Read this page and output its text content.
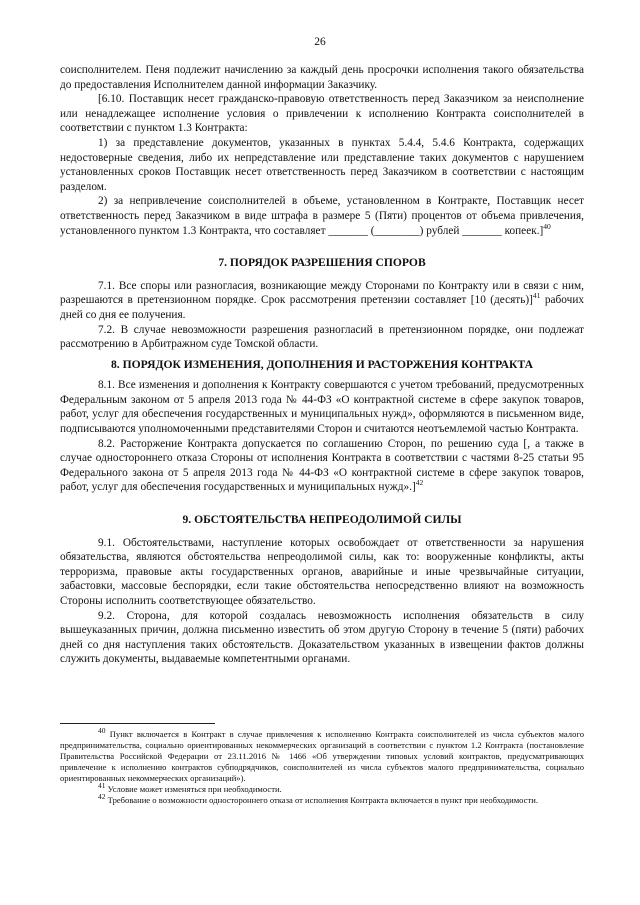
26

соисполнителем. Пеня подлежит начислению за каждый день просрочки исполнения такого обязательства до предоставления Исполнителем данной информации Заказчику.

[6.10. Поставщик несет гражданско-правовую ответственность перед Заказчиком за неисполнение или ненадлежащее исполнение условия о привлечении к исполнению Контракта соисполнителей в соответствии с пунктом 1.3 Контракта:

1) за представление документов, указанных в пунктах 5.4.4, 5.4.6 Контракта, содержащих недостоверные сведения, либо их непредставление или представление таких документов с нарушением установленных сроков Поставщик несет ответственность перед Заказчиком в соответствии с настоящим разделом.

2) за непривлечение соисполнителей в объеме, установленном в Контракте, Поставщик несет ответственность перед Заказчиком в виде штрафа в размере 5 (Пяти) процентов от объема привлечения, установленного пунктом 1.3 Контракта, что составляет _______ (________) рублей _______ копеек.]$^{40}$

7. ПОРЯДОК РАЗРЕШЕНИЯ СПОРОВ

7.1. Все споры или разногласия, возникающие между Сторонами по Контракту или в связи с ним, разрешаются в претензионном порядке. Срок рассмотрения претензии составляет [10 (десять)]$^{41}$ рабочих дней со дня ее получения.

7.2. В случае невозможности разрешения разногласий в претензионном порядке, они подлежат рассмотрению в Арбитражном суде Томской области.

8. ПОРЯДОК ИЗМЕНЕНИЯ, ДОПОЛНЕНИЯ И РАСТОРЖЕНИЯ КОНТРАКТА

8.1. Все изменения и дополнения к Контракту совершаются с учетом требований, предусмотренных Федеральным законом от 5 апреля 2013 года № 44-ФЗ «О контрактной системе в сфере закупок товаров, работ, услуг для обеспечения государственных и муниципальных нужд», оформляются в письменном виде, подписываются уполномоченными представителями Сторон и считаются неотъемлемой частью Контракта.

8.2. Расторжение Контракта допускается по соглашению Сторон, по решению суда [, а также в случае одностороннего отказа Стороны от исполнения Контракта в соответствии с частями 8-25 статьи 95 Федерального закона от 5 апреля 2013 года № 44-ФЗ «О контрактной системе в сфере закупок товаров, работ, услуг для обеспечения государственных и муниципальных нужд».]$^{42}$

9. ОБСТОЯТЕЛЬСТВА НЕПРЕОДОЛИМОЙ СИЛЫ

9.1. Обстоятельствами, наступление которых освобождает от ответственности за нарушения обязательства, являются обстоятельства непреодолимой силы, как то: вооруженные конфликты, акты терроризма, правовые акты государственных органов, аварийные и иные чрезвычайные ситуации, забастовки, массовые беспорядки, если такие обстоятельства непосредственно влияют на возможность Стороны исполнить соответствующее обязательство.

9.2. Сторона, для которой создалась невозможность исполнения обязательств в силу вышеуказанных причин, должна письменно известить об этом другую Сторону в течение 5 (пяти) рабочих дней со дня наступления таких обстоятельств. Доказательством указанных в извещении фактов должны служить документы, выдаваемые компетентными органами.

$^{40}$ Пункт включается в Контракт в случае привлечения к исполнению Контракта соисполнителей из числа субъектов малого предпринимательства, социально ориентированных некоммерческих организаций в соответствии с пунктом 1.2 Контракта (постановление Правительства Российской Федерации от 23.11.2016 № 1466 «Об утверждении типовых условий контрактов, предусматривающих привлечение к исполнению контрактов субподрядчиков, соисполнителей из числа субъектов малого предпринимательства, социально ориентированных некоммерческих организаций»).

$^{41}$ Условие может изменяться при необходимости.

$^{42}$ Требование о возможности одностороннего отказа от исполнения Контракта включается в пункт при необходимости.
